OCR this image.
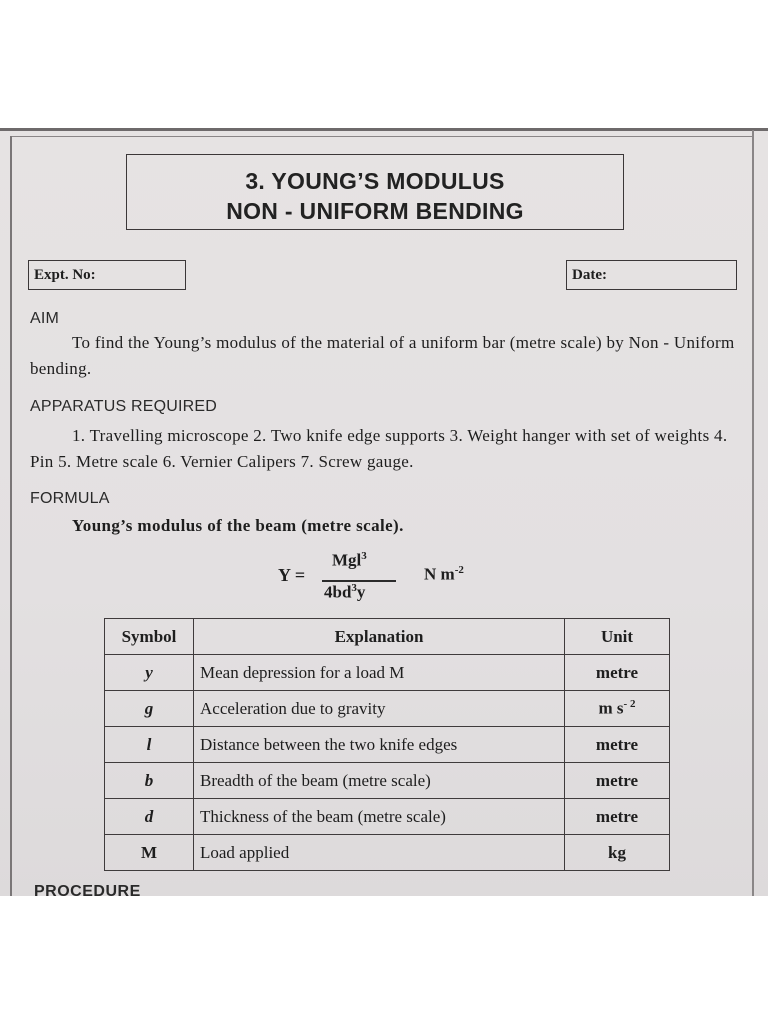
3. YOUNG’S MODULUS
NON - UNIFORM BENDING
Expt. No:	Date:
AIM
To find the Young’s modulus of the material of a uniform bar (metre scale) by Non - Uniform bending.
APPARATUS REQUIRED
1. Travelling microscope 2. Two knife edge supports 3. Weight hanger with set of weights 4. Pin 5. Metre scale 6. Vernier Calipers 7. Screw gauge.
FORMULA
Young’s modulus of the beam (metre scale).
Y =
Mgl$^3$
$4bd^3y$
N $m^{-2}$
Symbol	Explanation	Unit
y	Mean depression for a load M	metre
g	Acceleration due to gravity	m $s^{- 2}$
l	Distance between the two knife edges	metre
b	Breadth of the beam (metre scale)	metre
d	Thickness of the beam (metre scale)	metre
M	Load applied	kg
PROCEDURE
